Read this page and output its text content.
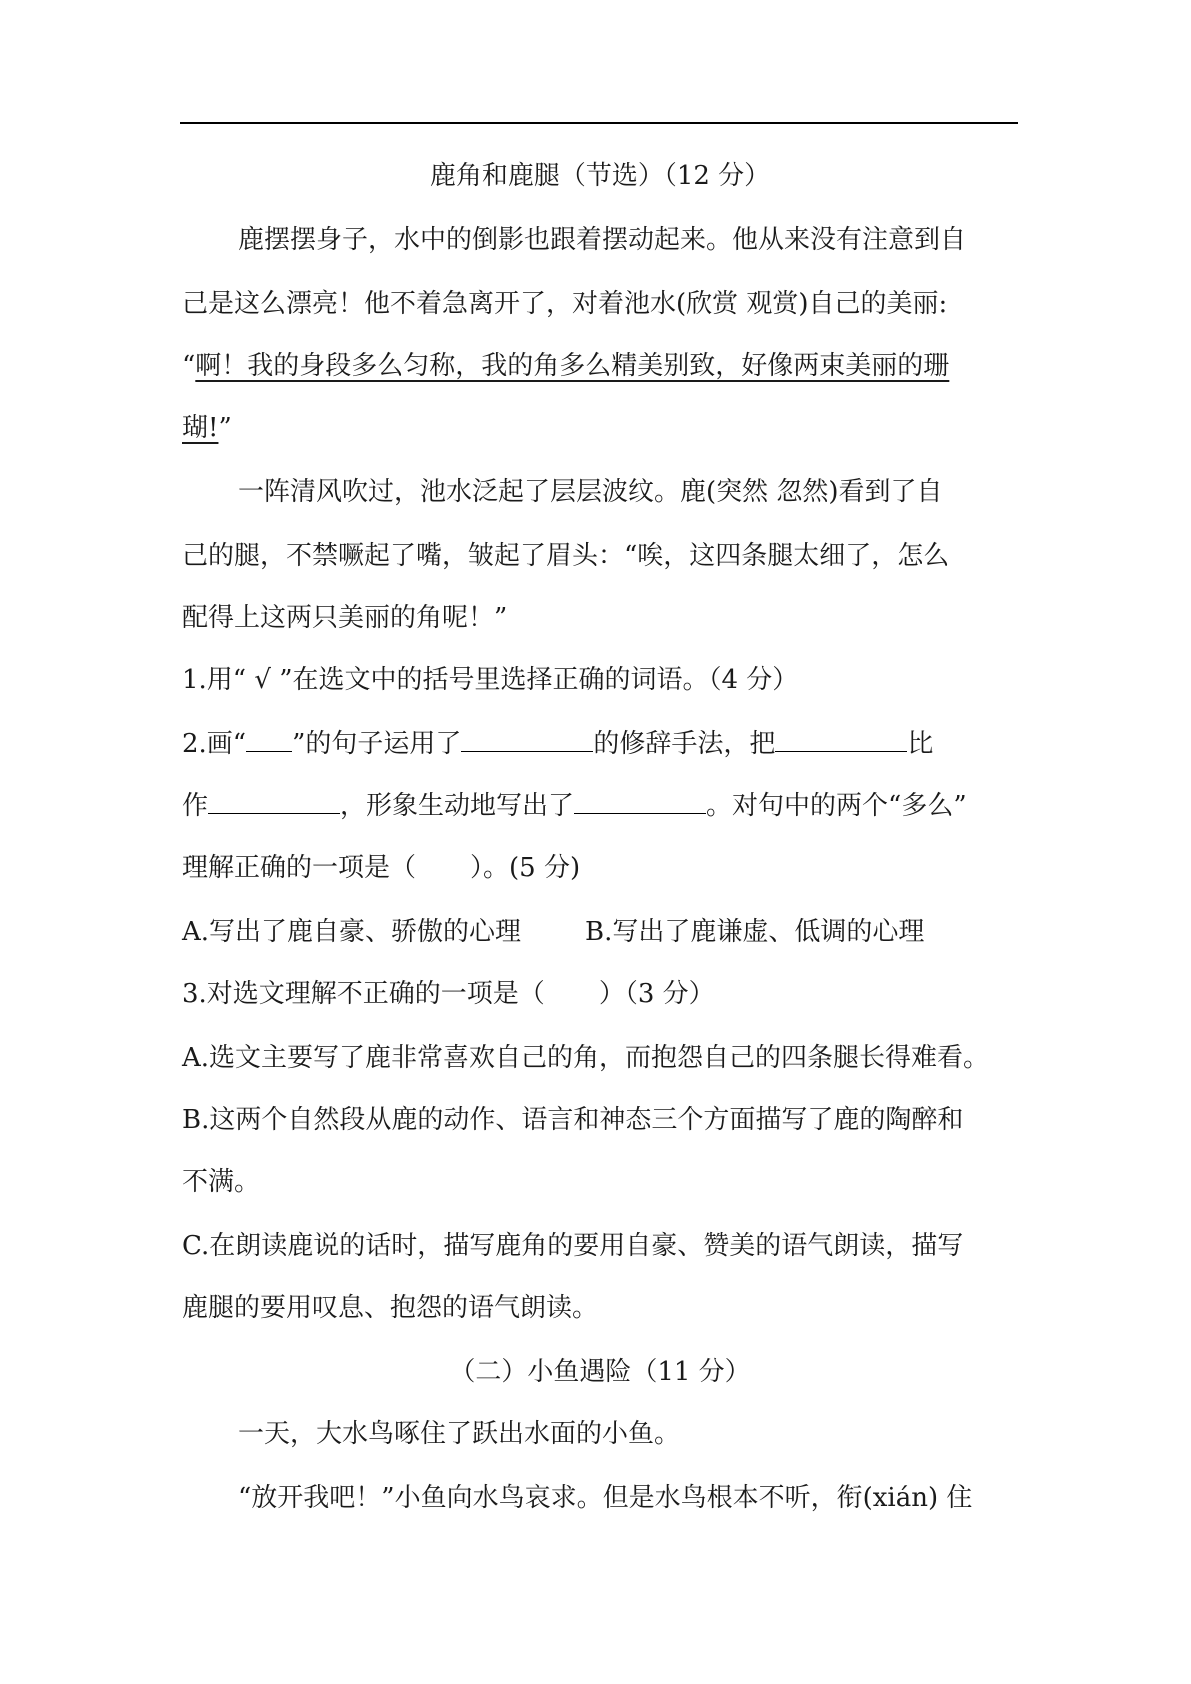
鹿角和鹿腿（节选）（12 分）
鹿摆摆身子，水中的倒影也跟着摆动起来。他从来没有注意到自
己是这么漂亮！他不着急离开了，对着池水(欣赏 观赏)自己的美丽:
“啊！我的身段多么匀称，我的角多么精美别致，好像两束美丽的珊
瑚!”
一阵清风吹过，池水泛起了层层波纹。鹿(突然 忽然)看到了自
己的腿，不禁噘起了嘴，皱起了眉头：“唉，这四条腿太细了，怎么
配得上这两只美丽的角呢！”
1.用“ √ ”在选文中的括号里选择正确的词语。（4 分）
2.画“ ”的句子运用了	的修辞手法，把	比
作	，形象生动地写出了	。对句中的两个“多么”
理解正确的一项是（ ）。(5 分)
A.写出了鹿自豪、骄傲的心理 B.写出了鹿谦虚、低调的心理
3.对选文理解不正确的一项是（ ）（3 分）
A.选文主要写了鹿非常喜欢自己的角，而抱怨自己的四条腿长得难看。
B.这两个自然段从鹿的动作、语言和神态三个方面描写了鹿的陶醉和
不满。
C.在朗读鹿说的话时，描写鹿角的要用自豪、赞美的语气朗读，描写
鹿腿的要用叹息、抱怨的语气朗读。
（二）小鱼遇险（11 分）
一天，大水鸟啄住了跃出水面的小鱼。
“放开我吧！”小鱼向水鸟哀求。但是水鸟根本不听，衔(xián) 住
